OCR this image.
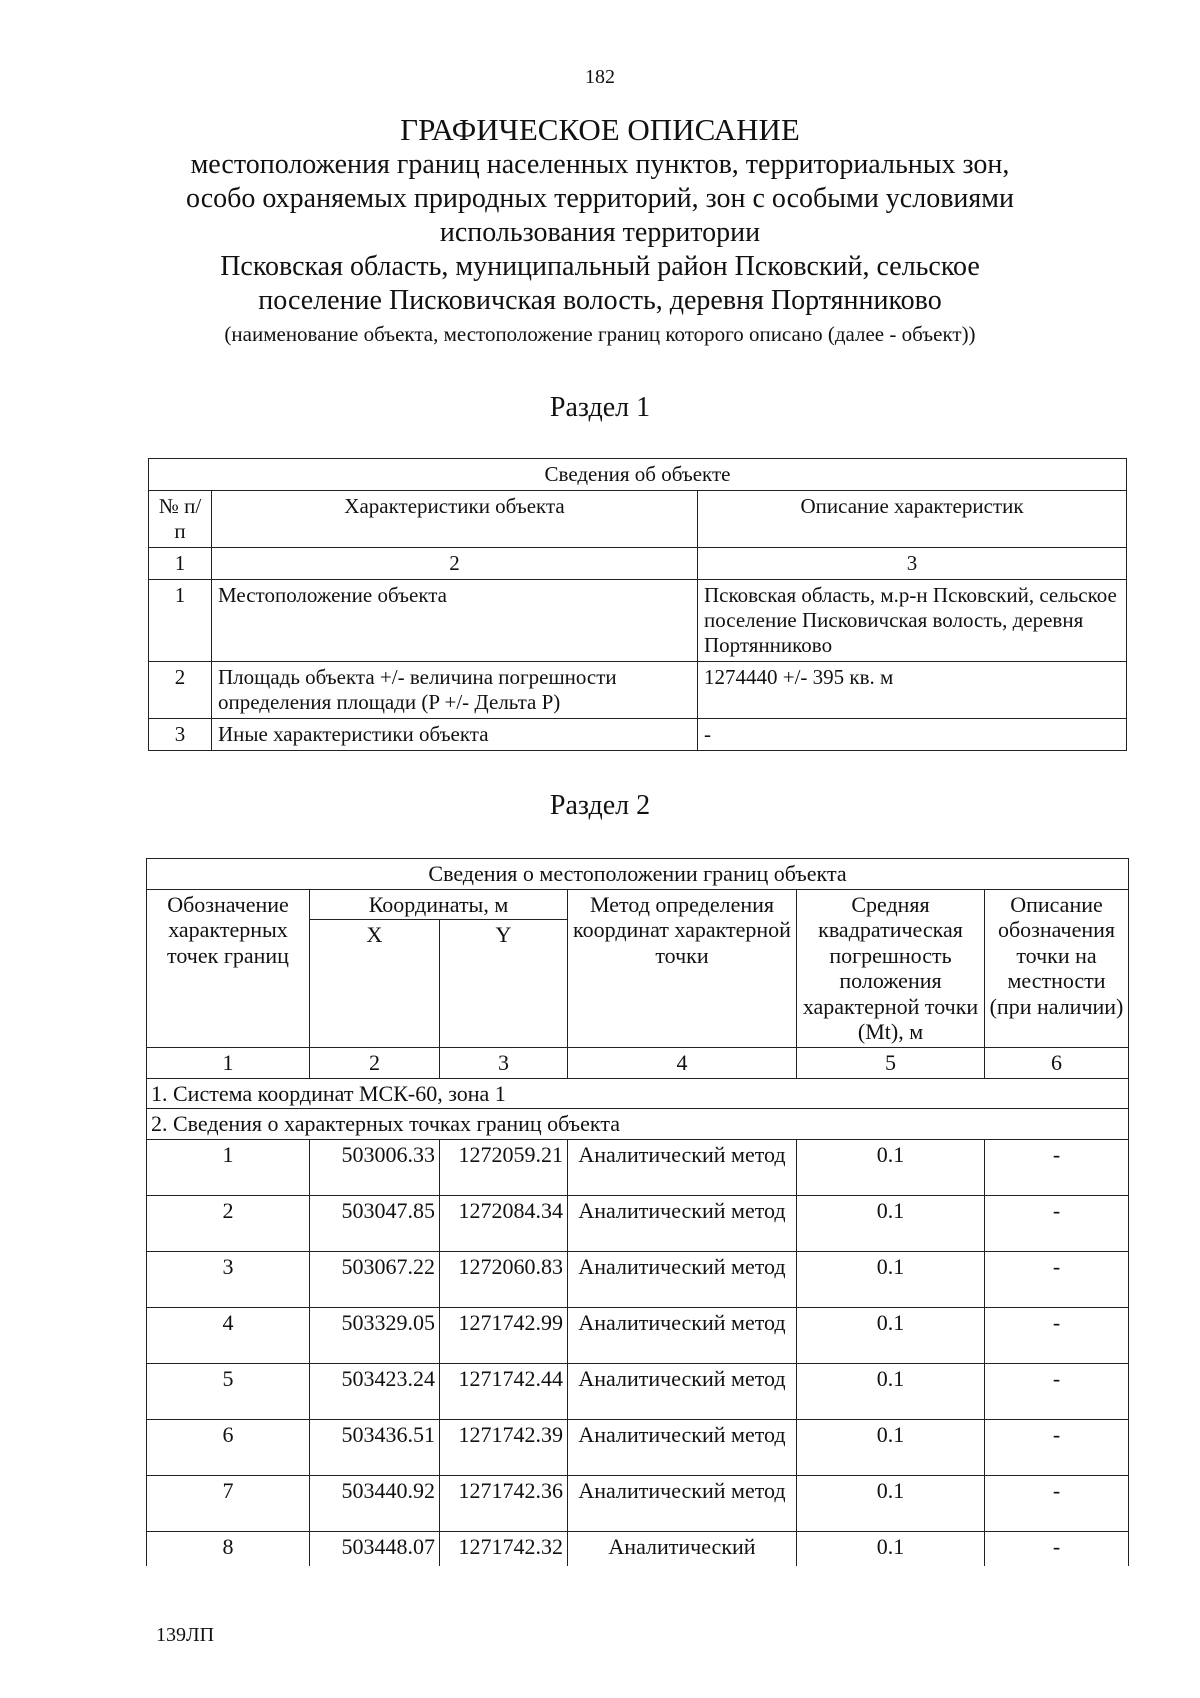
182
ГРАФИЧЕСКОЕ ОПИСАНИЕ
местоположения границ населенных пунктов, территориальных зон,
особо охраняемых природных территорий, зон с особыми условиями
использования территории
Псковская область, муниципальный район Псковский, сельское
поселение Писковичская волость, деревня Портянниково
(наименование объекта, местоположение границ которого описано (далее - объект))
Раздел 1
Сведения об объекте		
№ п/п	Характеристики объекта	Описание характеристик
1	2	3
1	Местоположение объекта	Псковская область, м.р-н Псковский, сельское поселение Писковичская волость, деревня Портянниково
2	Площадь объекта +/- величина погрешности определения площади (P +/- Дельта P)	1274440 +/- 395 кв. м
3	Иные характеристики объекта	-
Раздел 2
Сведения о местоположении границ объекта					
Обозначение характерных точек границ	Координаты, м		Метод определения координат характерной точки	Средняя квадратическая погрешность положения характерной точки (Mt), м	Описание обозначения точки на местности (при наличии)
	X	Y			
1	2	3	4	5	6
1. Система координат МСК-60, зона 1					
2. Сведения о характерных точках границ объекта					
1	503006.33	1272059.21	Аналитический метод	0.1	-
2	503047.85	1272084.34	Аналитический метод	0.1	-
3	503067.22	1272060.83	Аналитический метод	0.1	-
4	503329.05	1271742.99	Аналитический метод	0.1	-
5	503423.24	1271742.44	Аналитический метод	0.1	-
6	503436.51	1271742.39	Аналитический метод	0.1	-
7	503440.92	1271742.36	Аналитический метод	0.1	-
8	503448.07	1271742.32	Аналитический	0.1	-
139ЛП
